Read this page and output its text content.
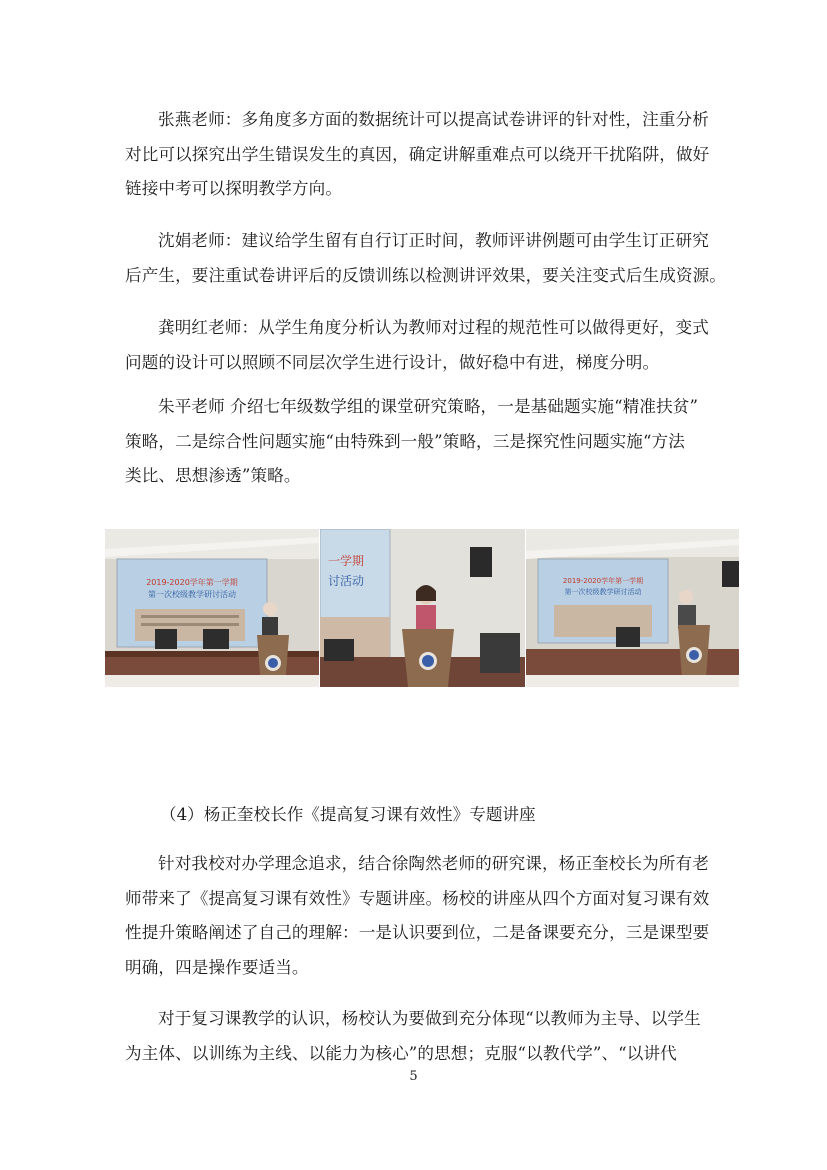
张燕老师：多角度多方面的数据统计可以提高试卷讲评的针对性，注重分析
对比可以探究出学生错误发生的真因，确定讲解重难点可以绕开干扰陷阱，做好
链接中考可以探明教学方向。

沈娟老师：建议给学生留有自行订正时间，教师评讲例题可由学生订正研究
后产生，要注重试卷讲评后的反馈训练以检测讲评效果，要关注变式后生成资源。

龚明红老师：从学生角度分析认为教师对过程的规范性可以做得更好，变式
问题的设计可以照顾不同层次学生进行设计，做好稳中有进，梯度分明。

朱平老师 介绍七年级数学组的课堂研究策略，一是基础题实施“精准扶贫”
策略，二是综合性问题实施“由特殊到一般”策略，三是探究性问题实施“方法
类比、思想渗透”策略。

2019-2020学年第一学期
第一次校级教学研讨活动
一学期
讨活动	2019-2020学年第一学期
第一次校级教学研讨活动

（4）杨正奎校长作《提高复习课有效性》专题讲座

针对我校对办学理念追求，结合徐陶然老师的研究课，杨正奎校长为所有老
师带来了《提高复习课有效性》专题讲座。杨校的讲座从四个方面对复习课有效
性提升策略阐述了自己的理解：一是认识要到位，二是备课要充分，三是课型要
明确，四是操作要适当。

对于复习课教学的认识，杨校认为要做到充分体现“以教师为主导、以学生
为主体、以训练为主线、以能力为核心”的思想；克服“以教代学”、“以讲代

5
